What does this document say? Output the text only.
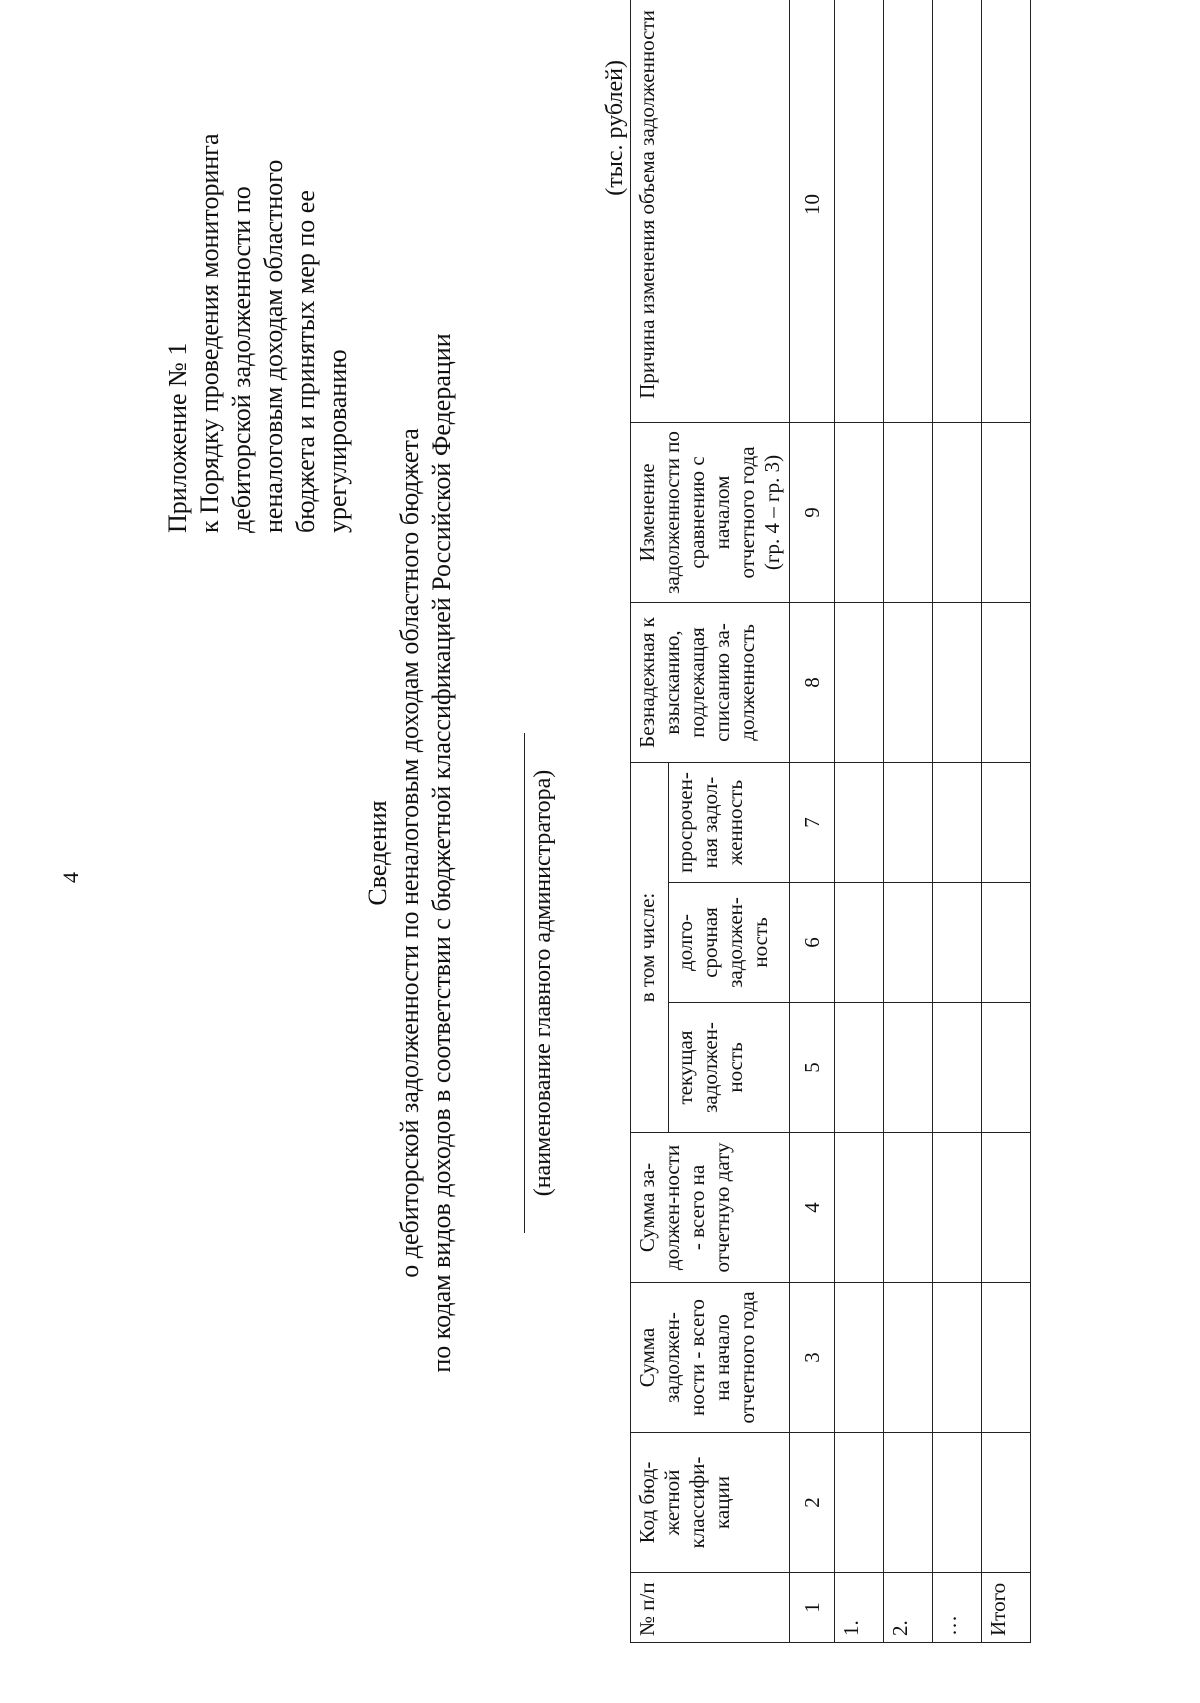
4
Приложение № 1 к Порядку проведения мониторинга дебиторской задолженности по неналоговым доходам областного бюджета и принятых мер по ее урегулированию
Сведения о дебиторской задолженности по неналоговым доходам областного бюджета по кодам видов доходов в соответствии с бюджетной классификацией Российской Федерации	(наименование главного администратора)
(тыс. рублей)
№ п/п	Код бюд-жетной классифи-кации	Сумма задолжен-ности - всего на начало отчетного года	Сумма за-должен-ности - всего на отчетную дату	в том числе:			Безнадежная к взысканию, подлежащая списанию за-долженность	Изменение задолженности по сравнению с началом отчетного года (гр. 4 – гр. 3)	Причина изменения объема задолженности
				текущая задолжен-ность	долго-срочная задолжен-ность	просрочен-ная задол-женность			
1	2	3	4	5	6	7	8	9	10
1.									
2.									
…									
Итого									
